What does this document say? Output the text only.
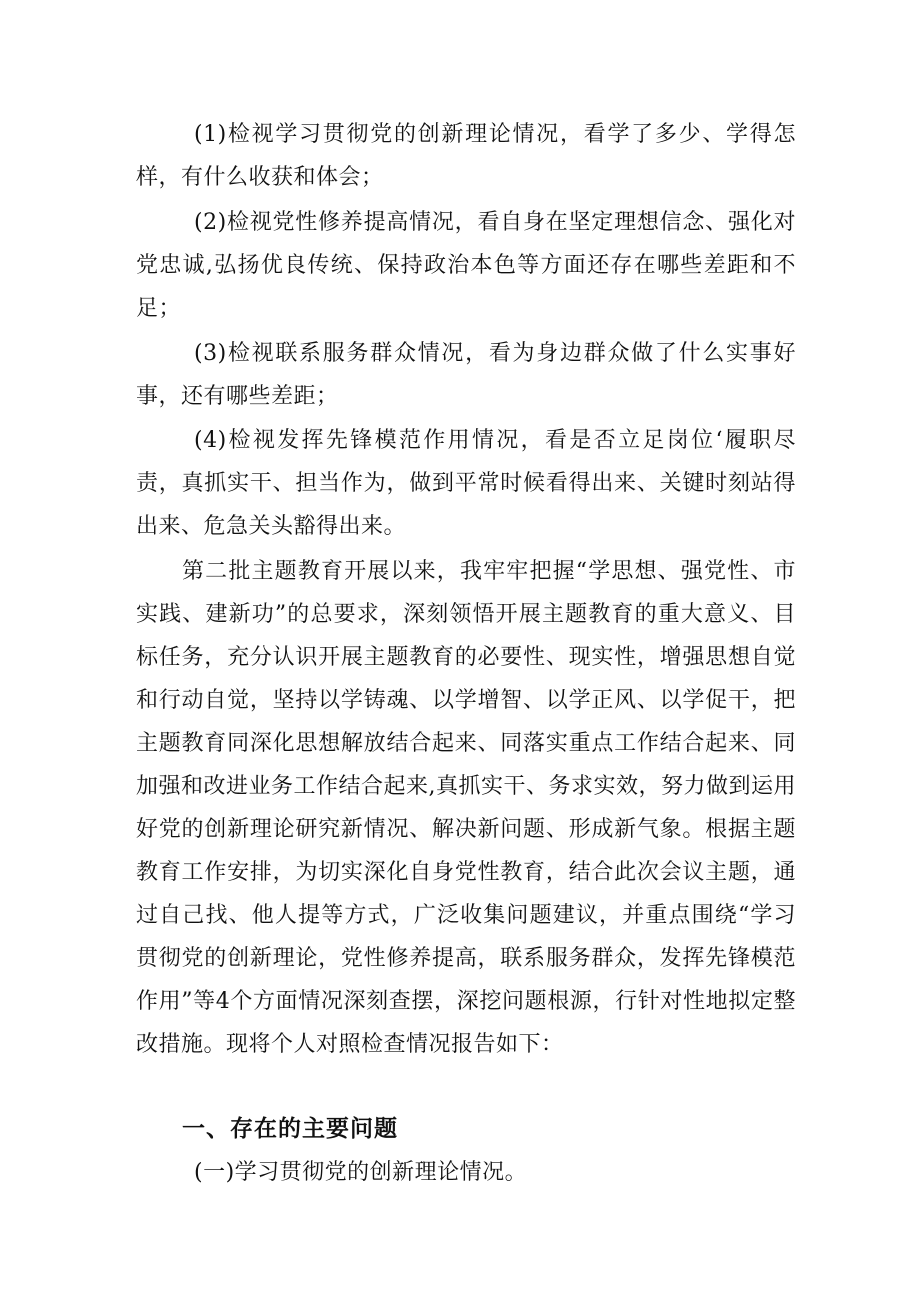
(1)检视学习贯彻党的创新理论情况，看学了多少、学得怎样，有什么收获和体会；

(2)检视党性修养提高情况，看自身在坚定理想信念、强化对党忠诚,弘扬优良传统、保持政治本色等方面还存在哪些差距和不足；

(3)检视联系服务群众情况，看为身边群众做了什么实事好事，还有哪些差距；

(4)检视发挥先锋模范作用情况，看是否立足岗位‘履职尽责，真抓实干、担当作为，做到平常时候看得出来、关键时刻站得出来、危急关头豁得出来。

第二批主题教育开展以来，我牢牢把握“学思想、强党性、市实践、建新功”的总要求，深刻领悟开展主题教育的重大意义、目标任务，充分认识开展主题教育的必要性、现实性，增强思想自觉和行动自觉，坚持以学铸魂、以学增智、以学正风、以学促干，把主题教育同深化思想解放结合起来、同落实重点工作结合起来、同加强和改进业务工作结合起来,真抓实干、务求实效，努力做到运用好党的创新理论研究新情况、解决新问题、形成新气象。根据主题教育工作安排，为切实深化自身党性教育，结合此次会议主题，通过自己找、他人提等方式，广泛收集问题建议，并重点围绕“学习贯彻党的创新理论，党性修养提高，联系服务群众，发挥先锋模范作用”等4个方面情况深刻查摆，深挖问题根源，行针对性地拟定整改措施。现将个人对照检查情况报告如下：

一、存在的主要问题

(一)学习贯彻党的创新理论情况。
